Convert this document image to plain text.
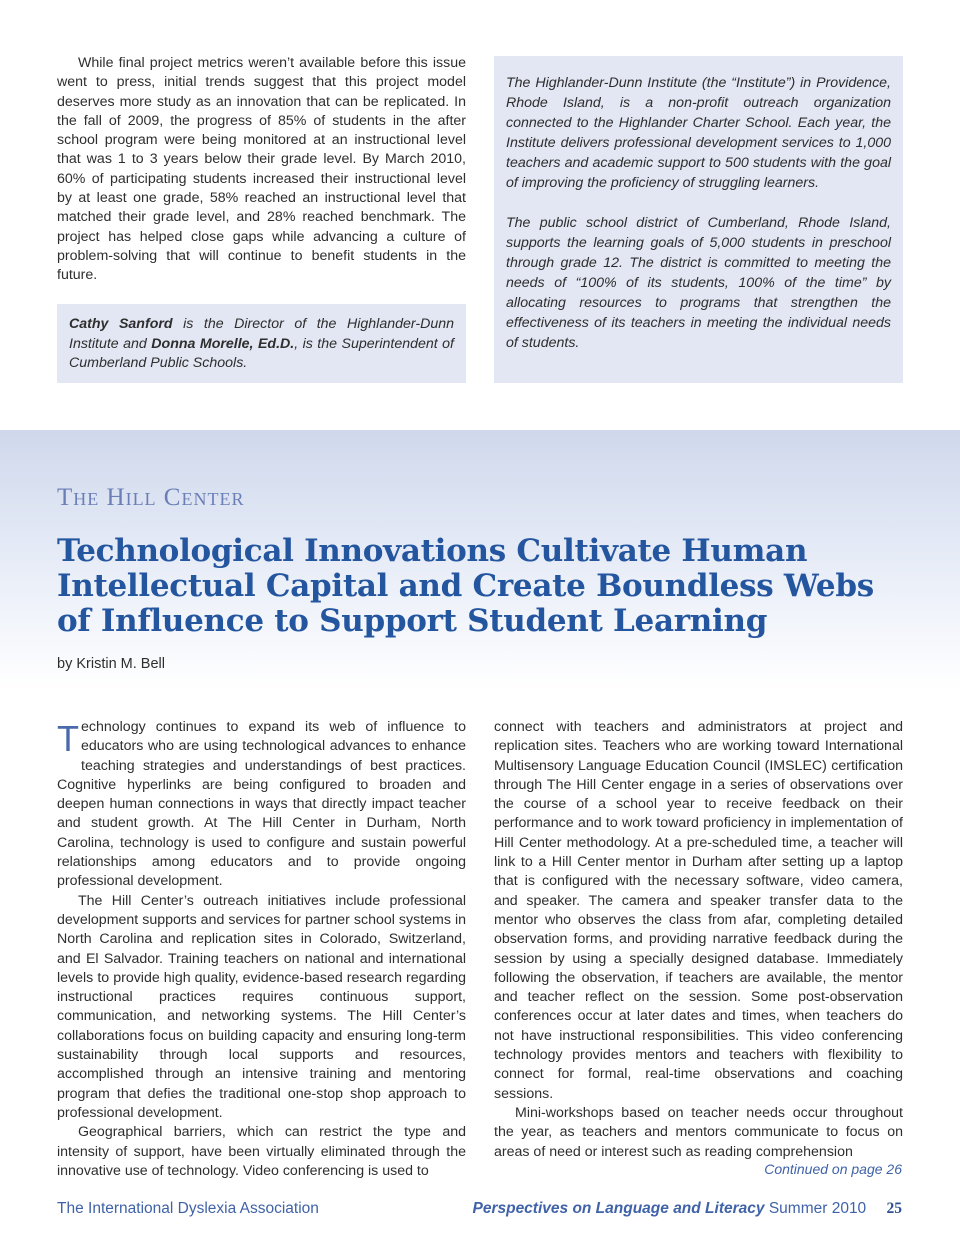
While final project metrics weren’t available before this issue went to press, initial trends suggest that this project model deserves more study as an innovation that can be replicated. In the fall of 2009, the progress of 85% of students in the after school program were being monitored at an instructional level that was 1 to 3 years below their grade level. By March 2010, 60% of participating students increased their instructional level by at least one grade, 58% reached an instructional level that matched their grade level, and 28% reached benchmark. The project has helped close gaps while advancing a culture of problem-solving that will continue to benefit students in the future.

Cathy Sanford is the Director of the Highlander-Dunn Institute and Donna Morelle, Ed.D., is the Superintendent of Cumberland Public Schools.

The Highlander-Dunn Institute (the “Institute”) in Providence, Rhode Island, is a non-profit outreach organization connected to the Highlander Charter School. Each year, the Institute delivers professional development services to 1,000 teachers and academic support to 500 students with the goal of improving the proficiency of struggling learners.

The public school district of Cumberland, Rhode Island, supports the learning goals of 5,000 students in preschool through grade 12. The district is committed to meeting the needs of “100% of its students, 100% of the time” by allocating resources to programs that strengthen the effectiveness of its teachers in meeting the individual needs of students.

The Hill Center
Technological Innovations Cultivate Human Intellectual Capital and Create Boundless Webs of Influence to Support Student Learning
by Kristin M. Bell

Technology continues to expand its web of influence to educators who are using technological advances to enhance teaching strategies and understandings of best practices. Cognitive hyperlinks are being configured to broaden and deepen human connections in ways that directly impact teacher and student growth. At The Hill Center in Durham, North Carolina, technology is used to configure and sustain powerful relationships among educators and to provide ongoing professional development.

The Hill Center’s outreach initiatives include professional development supports and services for partner school systems in North Carolina and replication sites in Colorado, Switzerland, and El Salvador. Training teachers on national and international levels to provide high quality, evidence-based research regarding instructional practices requires continuous support, communication, and networking systems. The Hill Center’s collaborations focus on building capacity and ensuring long-term sustainability through local supports and resources, accomplished through an intensive training and mentoring program that defies the traditional one-stop shop approach to professional development.

Geographical barriers, which can restrict the type and intensity of support, have been virtually eliminated through the innovative use of technology. Video conferencing is used to

connect with teachers and administrators at project and replication sites. Teachers who are working toward International Multisensory Language Education Council (IMSLEC) certification through The Hill Center engage in a series of observations over the course of a school year to receive feedback on their performance and to work toward proficiency in implementation of Hill Center methodology. At a pre-scheduled time, a teacher will link to a Hill Center mentor in Durham after setting up a laptop that is configured with the necessary software, video camera, and speaker. The camera and speaker transfer data to the mentor who observes the class from afar, completing detailed observation forms, and providing narrative feedback during the session by using a specially designed database. Immediately following the observation, if teachers are available, the mentor and teacher reflect on the session. Some post-observation conferences occur at later dates and times, when teachers do not have instructional responsibilities. This video conferencing technology provides mentors and teachers with flexibility to connect for formal, real-time observations and coaching sessions.

Mini-workshops based on teacher needs occur throughout the year, as teachers and mentors communicate to focus on areas of need or interest such as reading comprehension

Continued on page 26
The International Dyslexia Association	Perspectives on Language and Literacy Summer 2010 25
